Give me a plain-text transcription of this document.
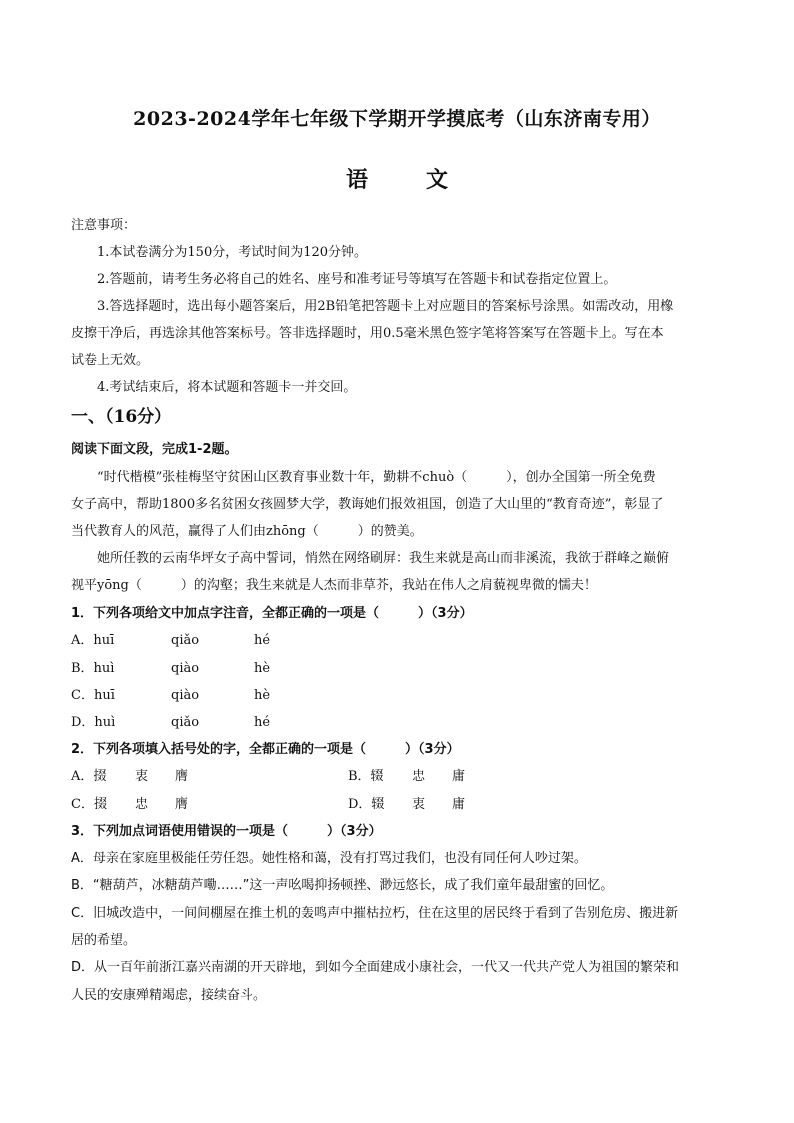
2023-2024学年七年级下学期开学摸底考（山东济南专用）
语　文
注意事项：
1.本试卷满分为150分，考试时间为120分钟。
2.答题前，请考生务必将自己的姓名、座号和准考证号等填写在答题卡和试卷指定位置上。
3.答选择题时，选出每小题答案后，用2B铅笔把答题卡上对应题目的答案标号涂黑。如需改动，用橡
皮擦干净后，再选涂其他答案标号。答非选择题时，用0.5毫米黑色签字笔将答案写在答题卡上。写在本
试卷上无效。
4.考试结束后，将本试题和答题卡一并交回。
一、（16分）
阅读下面文段，完成1-2题。
“时代楷模”张桂梅坚守贫困山区教育事业数十年，勤耕不chuò（　　　），创办全国第一所全免费
女子高中，帮助1800多名贫困女孩圆梦大学，教诲她们报效祖国，创造了大山里的“教育奇迹”，彰显了
当代教育人的风范，赢得了人们由zhōng（　　　）的赞美。
她所任教的云南华坪女子高中誓词，悄然在网络刷屏：我生来就是高山而非溪流，我欲于群峰之巅俯
视平yōng（　　　）的沟壑；我生来就是人杰而非草芥，我站在伟人之肩藐视卑微的懦夫！
1．下列各项给文中加点字注音，全都正确的一项是（　　　）（3分）
A．huī	qiǎo	hé
B．huì	qiào	hè
C．huī	qiào	hè
D．huì	qiǎo	hé
2．下列各项填入括号处的字，全都正确的一项是（　　　）（3分）
A．掇 衷 膺	B．辍 忠 庸
C．掇 忠 膺	D．辍 衷 庸
3．下列加点词语使用错误的一项是（　　　）（3分）
A．母亲在家庭里极能任劳任怨。她性格和蔼，没有打骂过我们，也没有同任何人吵过架。
B．“糖葫芦，冰糖葫芦嘞……”这一声吆喝抑扬顿挫、渺远悠长，成了我们童年最甜蜜的回忆。
C．旧城改造中，一间间棚屋在推土机的轰鸣声中摧枯拉朽，住在这里的居民终于看到了告别危房、搬进新
居的希望。
D．从一百年前浙江嘉兴南湖的开天辟地，到如今全面建成小康社会，一代又一代共产党人为祖国的繁荣和
人民的安康殚精竭虑，接续奋斗。
